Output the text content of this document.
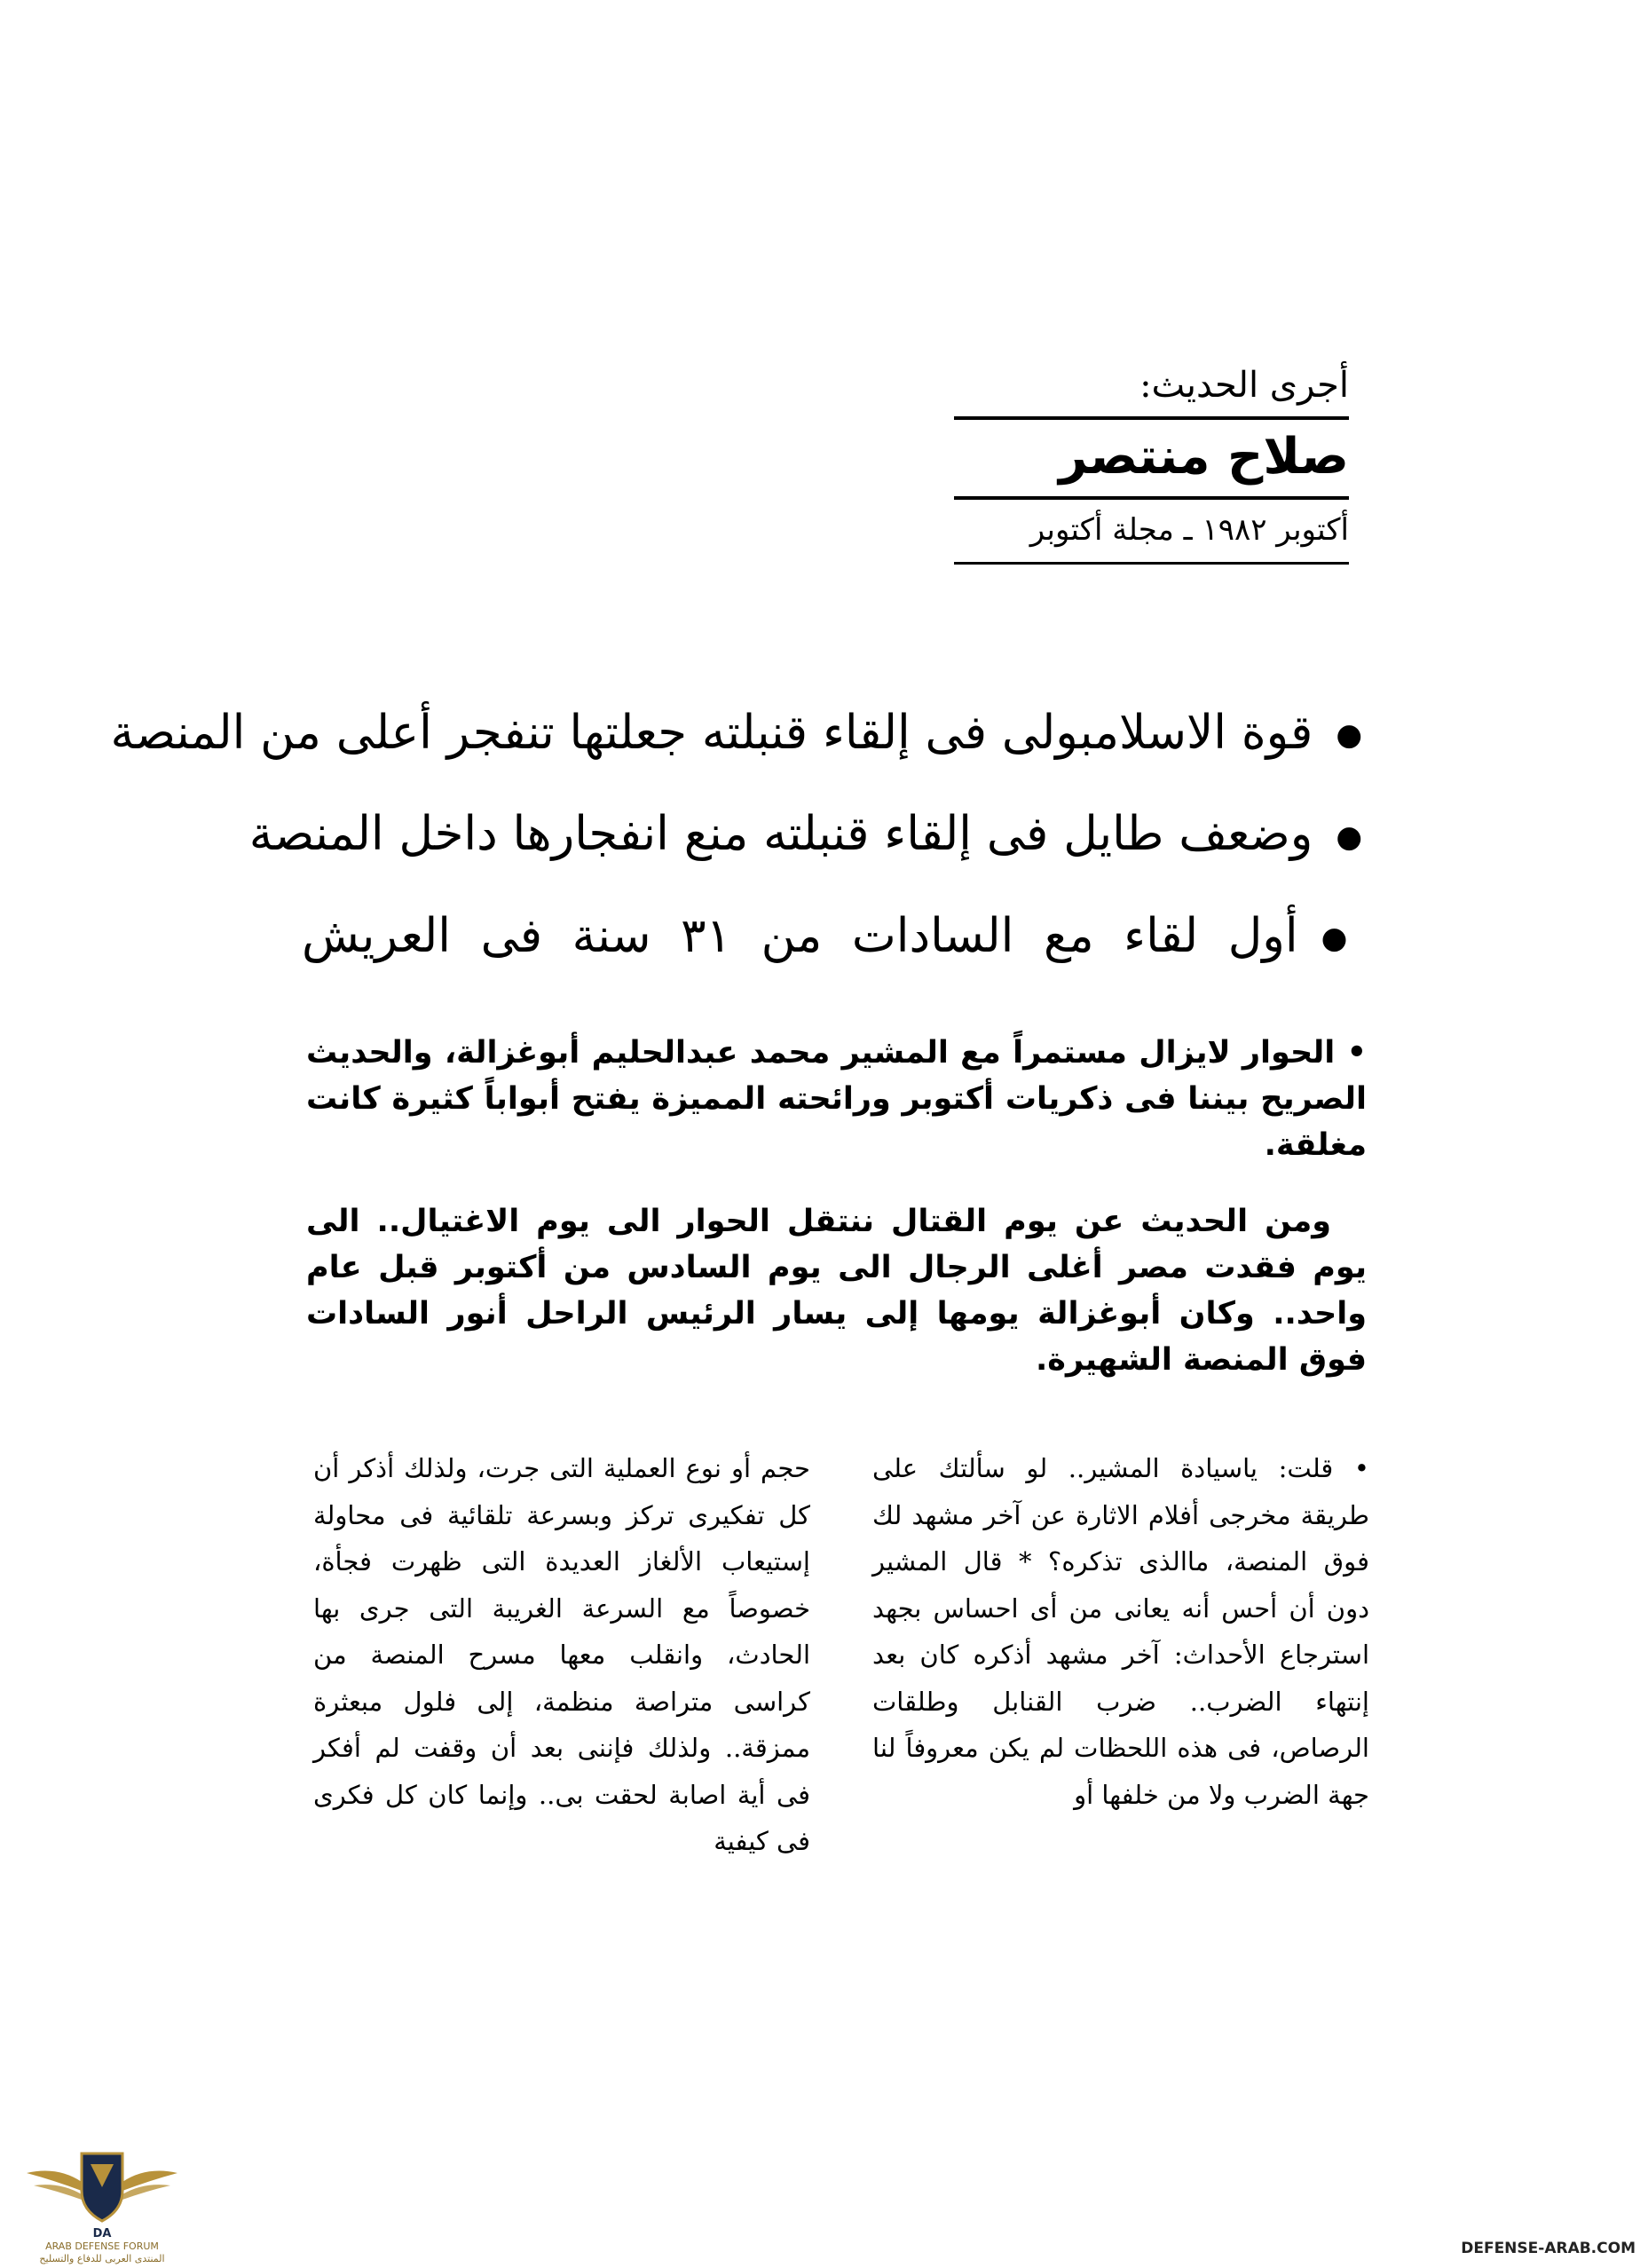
أجرى الحديث:
صلاح منتصر
أكتوبر ١٩٨٢ ـ مجلة أكتوبر
●قوة الاسلامبولى فى إلقاء قنبلته جعلتها تنفجر أعلى من المنصة
●وضعف طايل فى إلقاء قنبلته منع انفجارها داخل المنصة
●أول لقاء مع السادات من ٣١ سنة فى العريش

• الحوار لايزال مستمراً مع المشير محمد عبدالحليم أبوغزالة، والحديث الصريح بيننا فى ذكريات أكتوبر ورائحته المميزة يفتح أبواباً كثيرة كانت مغلقة.

ومن الحديث عن يوم القتال ننتقل الحوار الى يوم الاغتيال.. الى يوم فقدت مصر أغلى الرجال الى يوم السادس من أكتوبر قبل عام واحد.. وكان أبوغزالة يومها إلى يسار الرئيس الراحل أنور السادات فوق المنصة الشهيرة.

• قلت: ياسيادة المشير.. لو سألتك على طريقة مخرجى أفلام الاثارة عن آخر مشهد لك فوق المنصة، ماالذى تذكره؟ * قال المشير دون أن أحس أنه يعانى من أى احساس بجهد استرجاع الأحداث: آخر مشهد أذكره كان بعد إنتهاء الضرب.. ضرب القنابل وطلقات الرصاص، فى هذه اللحظات لم يكن معروفاً لنا جهة الضرب ولا من خلفها أو

حجم أو نوع العملية التى جرت، ولذلك أذكر أن كل تفكيرى تركز وبسرعة تلقائية فى محاولة إستيعاب الألغاز العديدة التى ظهرت فجأة، خصوصاً مع السرعة الغريبة التى جرى بها الحادث، وانقلب معها مسرح المنصة من كراسى متراصة منظمة، إلى فلول مبعثرة ممزقة.. ولذلك فإننى بعد أن وقفت لم أفكر فى أية اصابة لحقت بى.. وإنما كان كل فكرى فى كيفية

DA
ARAB DEFENSE FORUM
المنتدى العربى للدفاع والتسليح
DEFENSE-ARAB.COM
